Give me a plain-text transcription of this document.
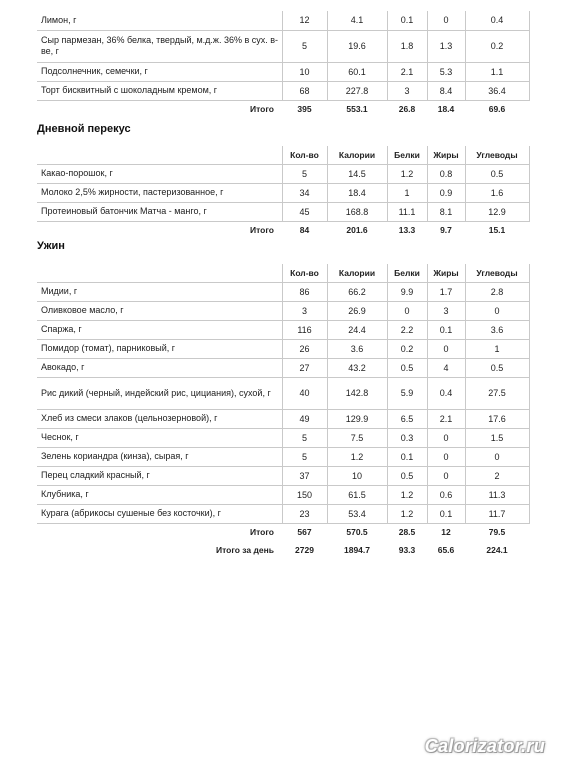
Лимон, г	12	4.1	0.1	0	0.4
Сыр пармезан, 36% белка, твердый, м.д.ж. 36% в сух. в-ве, г	5	19.6	1.8	1.3	0.2
Подсолнечник, семечки, г	10	60.1	2.1	5.3	1.1
Торт бисквитный с шоколадным кремом, г	68	227.8	3	8.4	36.4
Итого	395	553.1	26.8	18.4	69.6
Дневной перекус
	Кол-во	Калории	Белки	Жиры	Углеводы
Какао-порошок, г	5	14.5	1.2	0.8	0.5
Молоко 2,5% жирности, пастеризованное, г	34	18.4	1	0.9	1.6
Протеиновый батончик Матча - манго, г	45	168.8	11.1	8.1	12.9
Итого	84	201.6	13.3	9.7	15.1
Ужин
	Кол-во	Калории	Белки	Жиры	Углеводы
Мидии, г	86	66.2	9.9	1.7	2.8
Оливковое масло, г	3	26.9	0	3	0
Спаржа, г	116	24.4	2.2	0.1	3.6
Помидор (томат), парниковый, г	26	3.6	0.2	0	1
Авокадо, г	27	43.2	0.5	4	0.5
Рис дикий (черный, индейский рис, цициания), сухой, г	40	142.8	5.9	0.4	27.5
Хлеб из смеси злаков (цельнозерновой), г	49	129.9	6.5	2.1	17.6
Чеснок, г	5	7.5	0.3	0	1.5
Зелень кориандра (кинза), сырая, г	5	1.2	0.1	0	0
Перец сладкий красный, г	37	10	0.5	0	2
Клубника, г	150	61.5	1.2	0.6	11.3
Курага (абрикосы сушеные без косточки), г	23	53.4	1.2	0.1	11.7
Итого	567	570.5	28.5	12	79.5
Итого за день	2729	1894.7	93.3	65.6	224.1
Calorizator.ru
